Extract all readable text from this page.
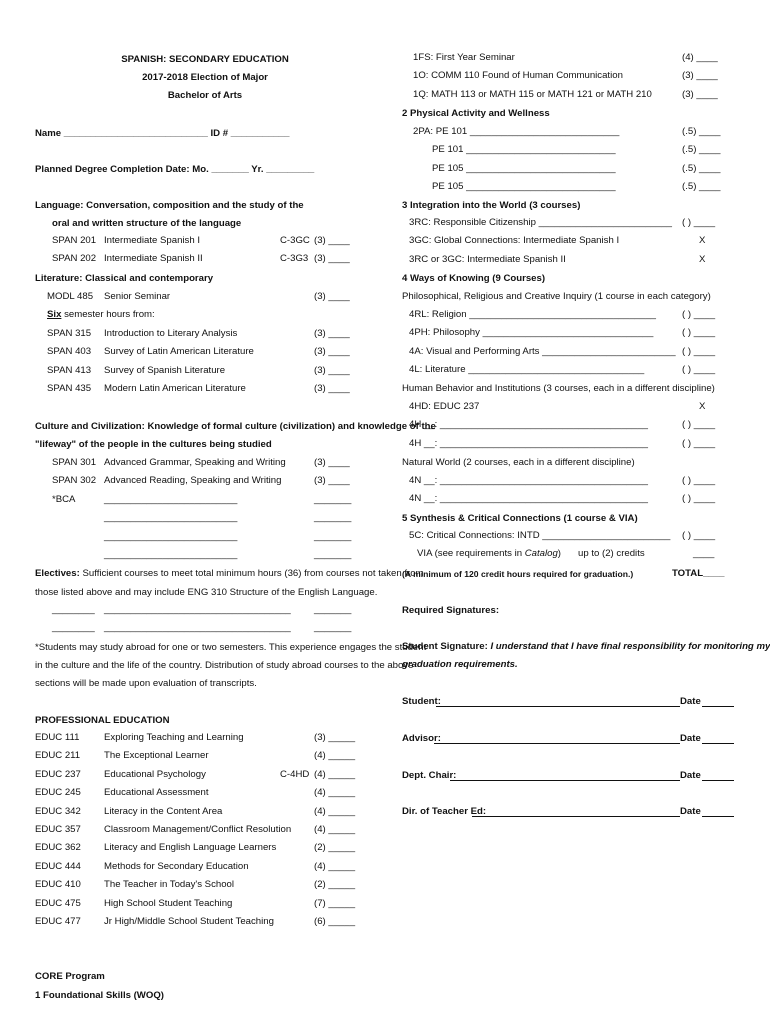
SPANISH: SECONDARY EDUCATION
2017-2018 Election of Major
Bachelor of Arts
Name ___________________________ ID # ___________
Planned Degree Completion Date: Mo. _______ Yr. _________
Language: Conversation, composition and the study of the
oral and written structure of the language
SPAN 201 Intermediate Spanish I	C-3GC (3) ____
SPAN 202 Intermediate Spanish II	C-3G3 (3) ____
Literature: Classical and contemporary
MODL 485 Senior Seminar	(3) ____
Six semester hours from:
SPAN 315 Introduction to Literary Analysis	(3) ____
SPAN 403 Survey of Latin American Literature	(3) ____
SPAN 413 Survey of Spanish Literature	(3) ____
SPAN 435 Modern Latin American Literature	(3) ____
Culture and Civilization: Knowledge of formal culture (civilization) and knowledge of the
"lifeway" of the people in the cultures being studied
SPAN 301 Advanced Grammar, Speaking and Writing	(3) ____
SPAN 302 Advanced Reading, Speaking and Writing	(3) ____
*BCA	_________________________	_______
_________________________	_______
_________________________	_______
_________________________	_______
Electives: Sufficient courses to meet total minimum hours (36) from courses not taken from
those listed above and may include ENG 310 Structure of the English Language.
________ ___________________________________ _______
________ ___________________________________ _______
*Students may study abroad for one or two semesters. This experience engages the student
in the culture and the life of the country. Distribution of study abroad courses to the above
sections will be made upon evaluation of transcripts.
PROFESSIONAL EDUCATION
EDUC 111	Exploring Teaching and Learning	(3) _____
EDUC 211 The Exceptional Learner	(4) _____
EDUC 237 Educational Psychology	C-4HD (4) _____
EDUC 245 Educational Assessment	(4) _____
EDUC 342 Literacy in the Content Area	(4) _____
EDUC 357 Classroom Management/Conflict Resolution (4) _____
EDUC 362 Literacy and English Language Learners	(2) _____
EDUC 444 Methods for Secondary Education	(4) _____
EDUC 410 The Teacher in Today's School	(2) _____
EDUC 475 High School Student Teaching	(7) _____
EDUC 477 Jr High/Middle School Student Teaching	(6) _____
CORE Program
1 Foundational Skills (WOQ)
1FS: First Year Seminar	(4) ____
1O: COMM 110 Found of Human Communication	(3) ____
1Q: MATH 113 or MATH 115 or MATH 121 or MATH 210	(3) ____
2 Physical Activity and Wellness
2PA: PE 101 ____________________________	(.5) ____
PE 101 ____________________________	(.5) ____
PE 105 ____________________________	(.5) ____
PE 105 ____________________________	(.5) ____
3 Integration into the World (3 courses)
3RC: Responsible Citizenship _________________________ ( ) ____
3GC: Global Connections: Intermediate Spanish I	X
3RC or 3GC: Intermediate Spanish II	X
4 Ways of Knowing (9 Courses)
Philosophical, Religious and Creative Inquiry (1 course in each category)
4RL: Religion ___________________________________	( ) ____
4PH: Philosophy ________________________________	( ) ____
4A: Visual and Performing Arts _________________________ ( ) ____
4L: Literature _________________________________	( ) ____
Human Behavior and Institutions (3 courses, each in a different discipline)
4HD: EDUC 237	X
4H __: _______________________________________	( ) ____
4H __: _______________________________________	( ) ____
Natural World (2 courses, each in a different discipline)
4N __: _______________________________________	( ) ____
4N __: _______________________________________	( ) ____
5 Synthesis & Critical Connections (1 course & VIA)
5C: Critical Connections: INTD ________________________ ( ) ____
VIA (see requirements in Catalog) up to (2) credits	____
(A minimum of 120 credit hours required for graduation.)	TOTAL____
Required Signatures:
Student Signature: I understand that I have final responsibility for monitoring my
graduation requirements.
Student:	Date
Advisor:	Date
Dept. Chair:	Date
Dir. of Teacher Ed:	Date
